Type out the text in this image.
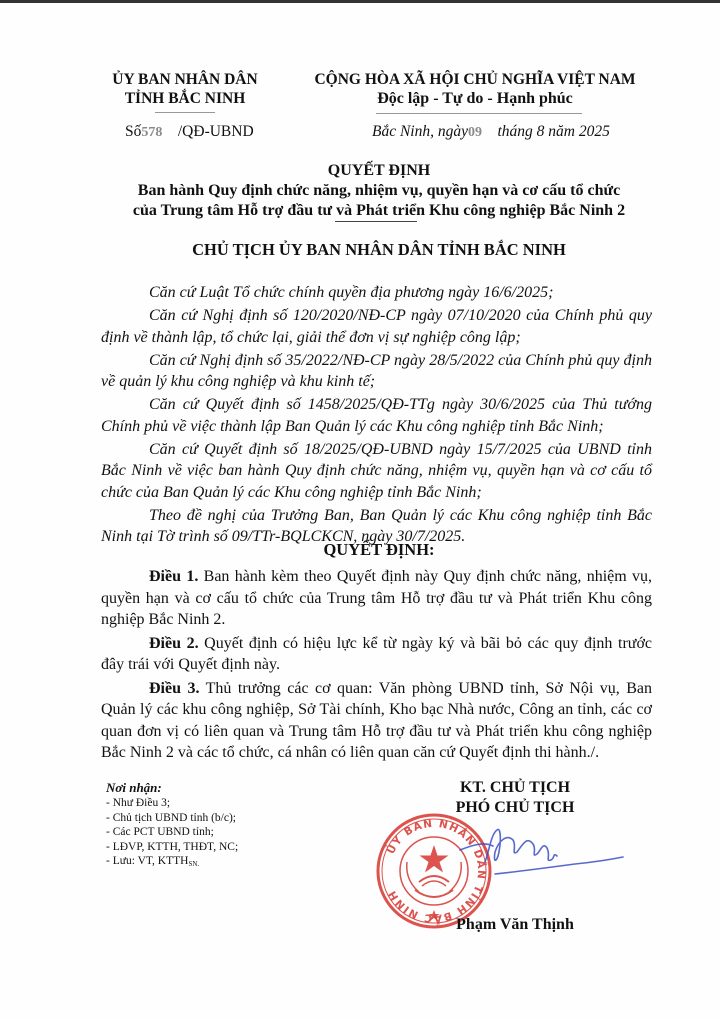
ỦY BAN NHÂN DÂN
TỈNH BẮC NINH
CỘNG HÒA XÃ HỘI CHỦ NGHĨA VIỆT NAM
Độc lập - Tự do - Hạnh phúc
Số578 /QĐ-UBND	Bắc Ninh, ngày09 tháng 8 năm 2025
QUYẾT ĐỊNH
Ban hành Quy định chức năng, nhiệm vụ, quyền hạn và cơ cấu tổ chức
của Trung tâm Hỗ trợ đầu tư và Phát triển Khu công nghiệp Bắc Ninh 2
CHỦ TỊCH ỦY BAN NHÂN DÂN TỈNH BẮC NINH

Căn cứ Luật Tổ chức chính quyền địa phương ngày 16/6/2025;

Căn cứ Nghị định số 120/2020/NĐ-CP ngày 07/10/2020 của Chính phủ quy định về thành lập, tổ chức lại, giải thể đơn vị sự nghiệp công lập;

Căn cứ Nghị định số 35/2022/NĐ-CP ngày 28/5/2022 của Chính phủ quy định về quản lý khu công nghiệp và khu kinh tế;

Căn cứ Quyết định số 1458/2025/QĐ-TTg ngày 30/6/2025 của Thủ tướng Chính phủ về việc thành lập Ban Quản lý các Khu công nghiệp tỉnh Bắc Ninh;

Căn cứ Quyết định số 18/2025/QĐ-UBND ngày 15/7/2025 của UBND tỉnh Bắc Ninh về việc ban hành Quy định chức năng, nhiệm vụ, quyền hạn và cơ cấu tổ chức của Ban Quản lý các Khu công nghiệp tỉnh Bắc Ninh;

Theo đề nghị của Trưởng Ban, Ban Quản lý các Khu công nghiệp tỉnh Bắc Ninh tại Tờ trình số 09/TTr-BQLCKCN, ngày 30/7/2025.

QUYẾT ĐỊNH:

Điều 1. Ban hành kèm theo Quyết định này Quy định chức năng, nhiệm vụ, quyền hạn và cơ cấu tổ chức của Trung tâm Hỗ trợ đầu tư và Phát triển Khu công nghiệp Bắc Ninh 2.

Điều 2. Quyết định có hiệu lực kể từ ngày ký và bãi bỏ các quy định trước đây trái với Quyết định này.

Điều 3. Thủ trưởng các cơ quan: Văn phòng UBND tỉnh, Sở Nội vụ, Ban Quản lý các khu công nghiệp, Sở Tài chính, Kho bạc Nhà nước, Công an tỉnh, các cơ quan đơn vị có liên quan và Trung tâm Hỗ trợ đầu tư và Phát triển khu công nghiệp Bắc Ninh 2 và các tổ chức, cá nhân có liên quan căn cứ Quyết định thi hành./.

Nơi nhận:
- Như Điều 3;
- Chủ tịch UBND tỉnh (b/c);
- Các PCT UBND tỉnh;
- LĐVP, KTTH, THĐT, NC;
- Lưu: VT, $KTTH_{SN.}$
KT. CHỦ TỊCH
PHÓ CHỦ TỊCH
ỦY BAN NHÂN DÂN TỈNH BẮC NINH
Phạm Văn Thịnh
